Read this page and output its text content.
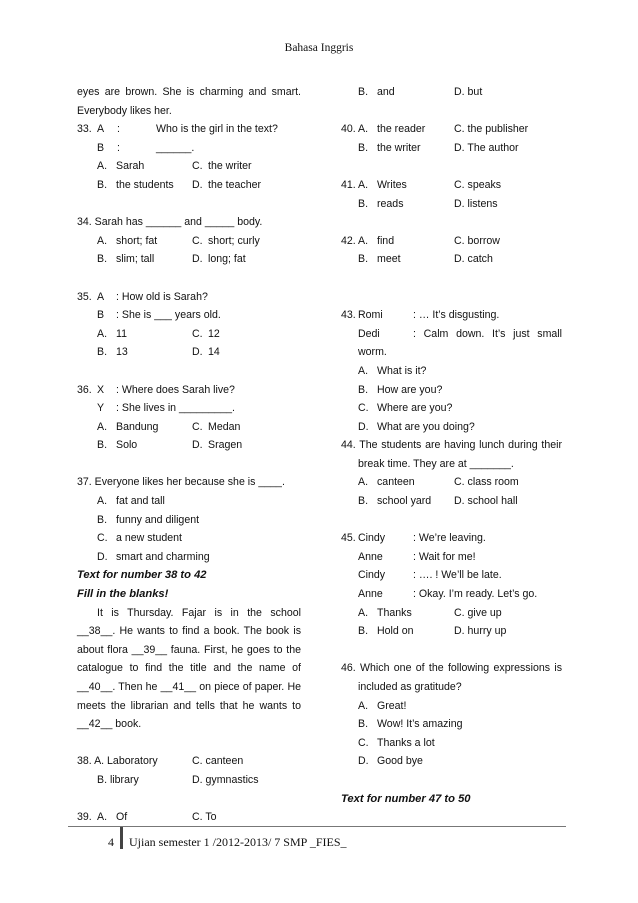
Bahasa Inggris
eyes are brown. She is charming and smart.
Everybody likes her.
33. A :	Who is the girl in the text?
B :	______.
A. Sarah	C. the writer
B. the students D. the teacher
34. Sarah has ______ and _____ body.
A. short; fat	C. short; curly
B. slim; tall	D. long; fat
35. A : How old is Sarah?
B : She is ___ years old.
A. 11	C. 12
B. 13	D. 14
36. X : Where does Sarah live?
Y : She lives in _________.
A. Bandung	C. Medan
B. Solo	D. Sragen
37. Everyone likes her because she is ____.
A. fat and tall
B. funny and diligent
C. a new student
D. smart and charming
Text for number 38 to 42
Fill in the blanks!
It is Thursday. Fajar is in the school
__38__. He wants to find a book. The book is
about flora __39__ fauna. First, he goes to the
catalogue to find the title and the name of
__40__. Then he __41__ on piece of paper. He
meets the librarian and tells that he wants to
__42__ book.
38. A. Laboratory	C. canteen
B. library	D. gymnastics
39. A. Of	C. To
B. and	D. but
40. A. the reader	C. the publisher
B. the writer	D. The author
41. A. Writes	C. speaks
B. reads	D. listens
42. A. find	C. borrow
B. meet	D. catch
43. Romi	: … It’s disgusting.
Dedi	: Calm down. It’s just small
worm.
A. What is it?
B. How are you?
C. Where are you?
D. What are you doing?
44. The students are having lunch during their
break time. They are at _______.
A. canteen	C. class room
B. school yard D. school hall
45. Cindy	: We’re leaving.
Anne	: Wait for me!
Cindy	: …. ! We’ll be late.
Anne	: Okay. I’m ready. Let’s go.
A. Thanks	C. give up
B. Hold on	D. hurry up
46. Which one of the following expressions is
included as gratitude?
A. Great!
B. Wow! It’s amazing
C. Thanks a lot
D. Good bye
Text for number 47 to 50
4 Ujian semester 1 /2012-2013/ 7 SMP _FIES_
